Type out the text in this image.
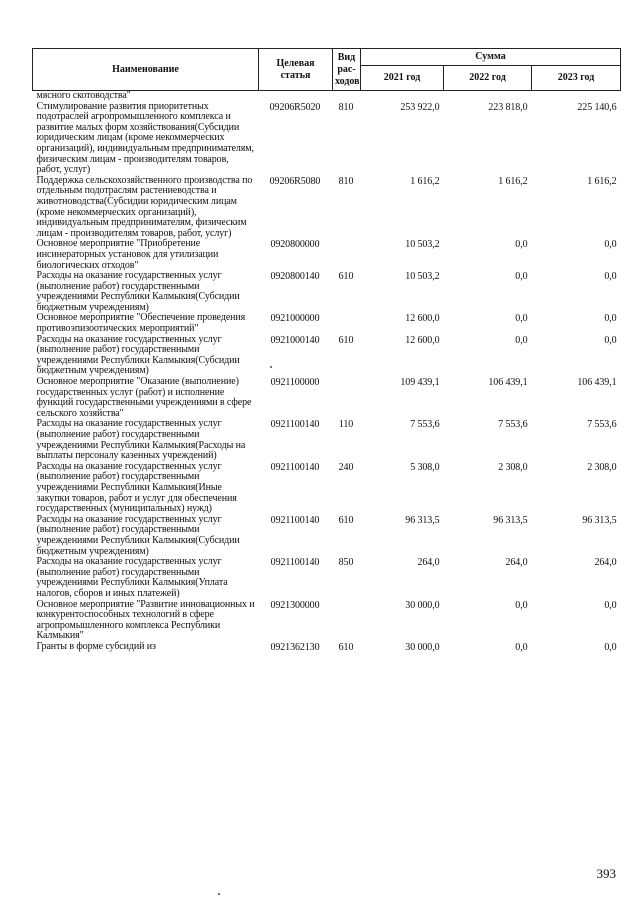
Наименование	Целевая статья	Вид рас-ходов	Сумма		
			2021 год	2022 год	2023 год
мясного скотоводства"					
Стимулирование развития приоритетных подотраслей агропромышленного комплекса и развитие малых форм хозяйствования(Субсидии юридическим лицам (кроме некоммерческих организаций), индивидуальным предпринимателям, физическим лицам - производителям товаров, работ, услуг)	09206R5020	810	253 922,0	223 818,0	225 140,6
Поддержка сельскохозяйственного производства по отдельным подотраслям растениеводства и животноводства(Субсидии юридическим лицам (кроме некоммерческих организаций), индивидуальным предпринимателям, физическим лицам - производителям товаров, работ, услуг)	09206R5080	810	1 616,2	1 616,2	1 616,2
Основное мероприятие "Приобретение инсинераторных установок для утилизации биологических отходов"	0920800000		10 503,2	0,0	0,0
Расходы на оказание государственных услуг (выполнение работ) государственными учреждениями Республики Калмыкия(Субсидии бюджетным учреждениям)	0920800140	610	10 503,2	0,0	0,0
Основное мероприятие "Обеспечение проведения противоэпизоотических мероприятий"	0921000000		12 600,0	0,0	0,0
Расходы на оказание государственных услуг (выполнение работ) государственными учреждениями Республики Калмыкия(Субсидии бюджетным учреждениям)	0921000140	610	12 600,0	0,0	0,0
Основное мероприятие "Оказание (выполнение) государственных услуг (работ) и исполнение функций государственными учреждениями в сфере сельского хозяйства"	0921100000		109 439,1	106 439,1	106 439,1
Расходы на оказание государственных услуг (выполнение работ) государственными учреждениями Республики Калмыкия(Расходы на выплаты персоналу казенных учреждений)	0921100140	110	7 553,6	7 553,6	7 553,6
Расходы на оказание государственных услуг (выполнение работ) государственными учреждениями Республики Калмыкия(Иные закупки товаров, работ и услуг для обеспечения государственных (муниципальных) нужд)	0921100140	240	5 308,0	2 308,0	2 308,0
Расходы на оказание государственных услуг (выполнение работ) государственными учреждениями Республики Калмыкия(Субсидии бюджетным учреждениям)	0921100140	610	96 313,5	96 313,5	96 313,5
Расходы на оказание государственных услуг (выполнение работ) государственными учреждениями Республики Калмыкия(Уплата налогов, сборов и иных платежей)	0921100140	850	264,0	264,0	264,0
Основное мероприятие "Развитие инновационных и конкурентоспособных технологий в сфере агропромышленного комплекса Республики Калмыкия"	0921300000		30 000,0	0,0	0,0
Гранты в форме субсидий из	0921362130	610	30 000,0	0,0	0,0
393
